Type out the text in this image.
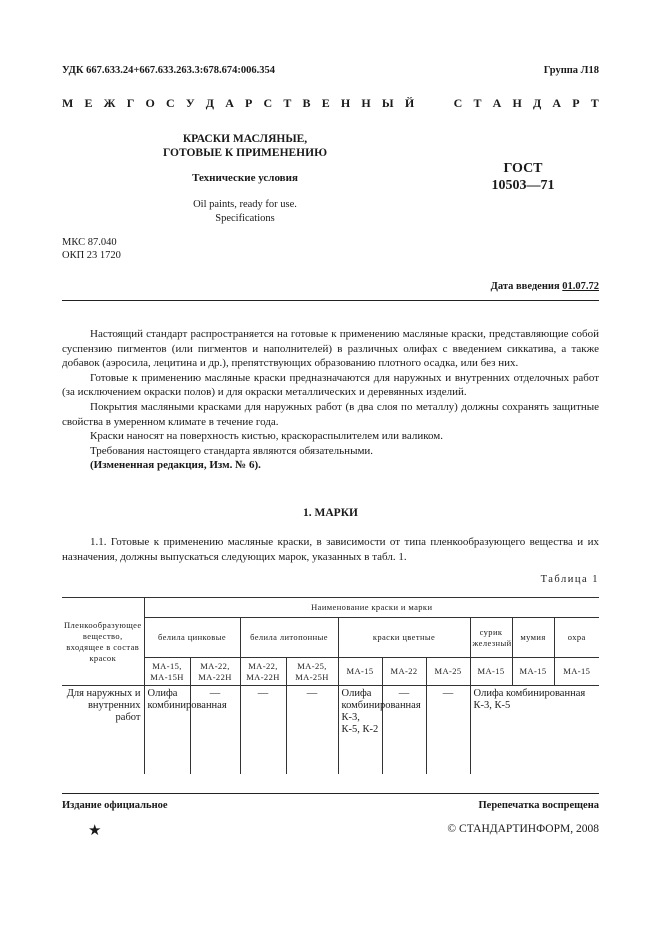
УДК 667.633.24+667.633.263.3:678.674:006.354	Группа Л18
М Е Ж Г О С У Д А Р С Т В Е Н Н Ы Й

	С Т А Н Д А Р Т
КРАСКИ МАСЛЯНЫЕ,
ГОТОВЫЕ К ПРИМЕНЕНИЮ
Технические условия
Oil paints, ready for use.
Specifications
ГОСТ
10503—71
МКС 87.040
ОКП 23 1720
Дата введения 01.07.72

Настоящий стандарт распространяется на готовые к применению масляные краски, представляющие собой суспензию пигментов (или пигментов и наполнителей) в различных олифах с введением сиккатива, а также добавок (аэросила, лецитина и др.), препятствующих образованию плотного осадка, или без них.

Готовые к применению масляные краски предназначаются для наружных и внутренних отделочных работ (за исключением окраски полов) и для окраски металлических и деревянных изделий.

Покрытия масляными красками для наружных работ (в два слоя по металлу) должны сохранять защитные свойства в умеренном климате в течение года.

Краски наносят на поверхность кистью, краскораспылителем или валиком.

Требования настоящего стандарта являются обязательными.

(Измененная редакция, Изм. № 6).

1. МАРКИ

1.1. Готовые к применению масляные краски, в зависимости от типа пленкообразующего вещества и их назначения, должны выпускаться следующих марок, указанных в табл. 1.

Таблица 1
Пленкообразующее вещество, входящее в состав красок	Наименование краски и марки									
	белила цинковые		белила литопонные		краски цветные			сурик железный	мумия	охра
	МА-15, МА-15Н	МА-22, МА-22Н	МА-22, МА-22Н	МА-25, МА-25Н	МА-15	МА-22	МА-25	МА-15	МА-15	МА-15
Для наружных и внутренних работ	Олифа комбинированная	—	—	—	Олифа комбинированная К-3, К-5, К-2	—	—	Олифа комбинированная К-3, К-5		
Издание официальное	Перепечатка воспрещена
★	© СТАНДАРТИНФОРМ, 2008
